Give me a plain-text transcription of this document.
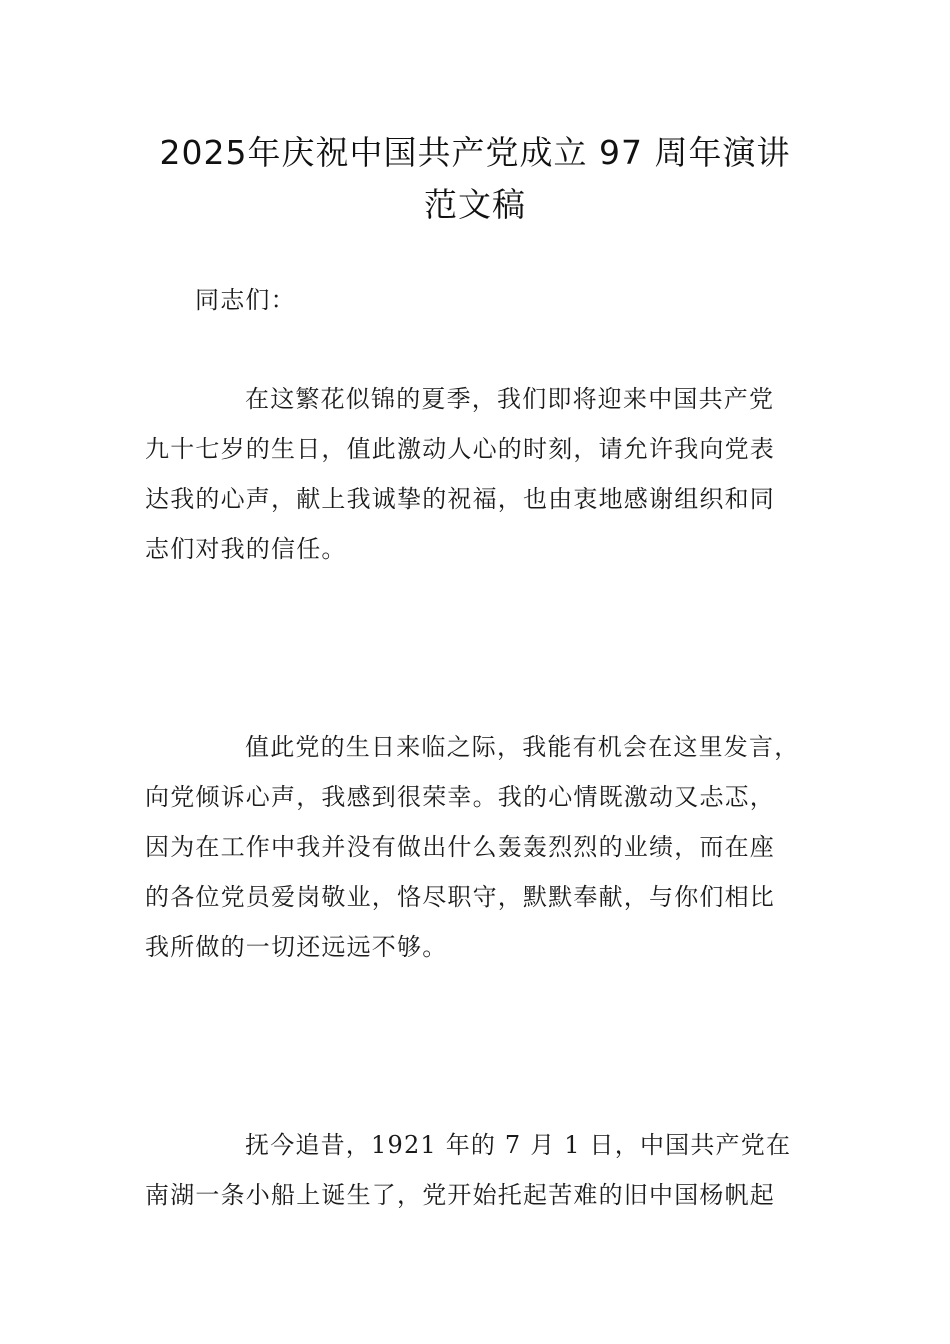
2025年庆祝中国共产党成立 97 周年演讲
范文稿
同志们：
在这繁花似锦的夏季，我们即将迎来中国共产党
九十七岁的生日，值此激动人心的时刻，请允许我向党表
达我的心声，献上我诚挚的祝福，也由衷地感谢组织和同
志们对我的信任。
值此党的生日来临之际，我能有机会在这里发言，
向党倾诉心声，我感到很荣幸。我的心情既激动又忐忑，
因为在工作中我并没有做出什么轰轰烈烈的业绩，而在座
的各位党员爱岗敬业，恪尽职守，默默奉献，与你们相比
我所做的一切还远远不够。
抚今追昔，1921 年的 7 月 1 日，中国共产党在
南湖一条小船上诞生了，党开始托起苦难的旧中国杨帆起
